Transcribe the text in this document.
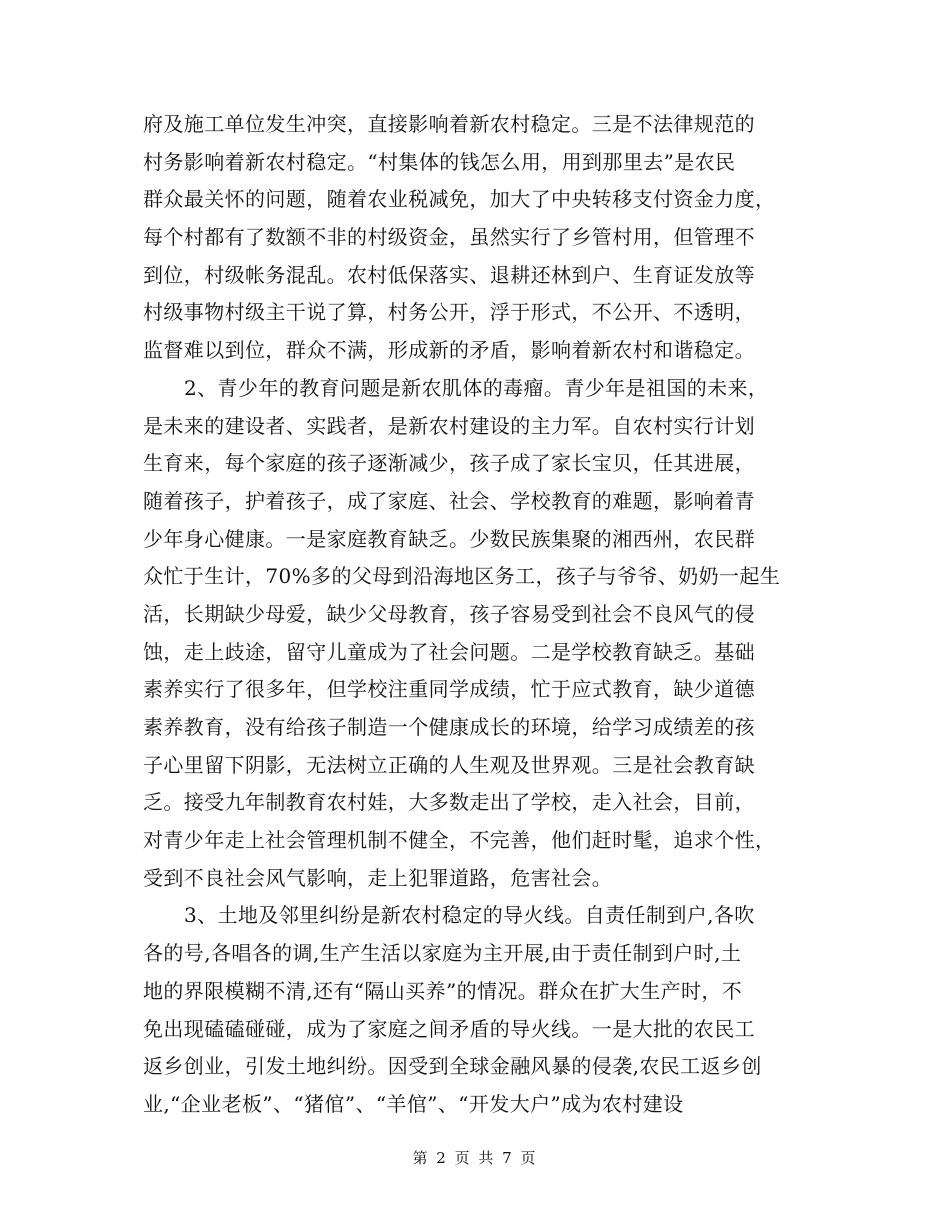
府及施工单位发生冲突，直接影响着新农村稳定。三是不法律规范的
村务影响着新农村稳定。“村集体的钱怎么用，用到那里去”是农民
群众最关怀的问题，随着农业税减免，加大了中央转移支付资金力度，
每个村都有了数额不非的村级资金，虽然实行了乡管村用，但管理不
到位，村级帐务混乱。农村低保落实、退耕还林到户、生育证发放等
村级事物村级主干说了算，村务公开，浮于形式，不公开、不透明，
监督难以到位，群众不满，形成新的矛盾，影响着新农村和谐稳定。
2、青少年的教育问题是新农肌体的毒瘤。青少年是祖国的未来，
是未来的建设者、实践者，是新农村建设的主力军。自农村实行计划
生育来，每个家庭的孩子逐渐减少，孩子成了家长宝贝，任其进展，
随着孩子，护着孩子，成了家庭、社会、学校教育的难题，影响着青
少年身心健康。一是家庭教育缺乏。少数民族集聚的湘西州，农民群
众忙于生计，70%多的父母到沿海地区务工，孩子与爷爷、奶奶一起生
活，长期缺少母爱，缺少父母教育，孩子容易受到社会不良风气的侵
蚀，走上歧途，留守儿童成为了社会问题。二是学校教育缺乏。基础
素养实行了很多年，但学校注重同学成绩，忙于应式教育，缺少道德
素养教育，没有给孩子制造一个健康成长的环境，给学习成绩差的孩
子心里留下阴影，无法树立正确的人生观及世界观。三是社会教育缺
乏。接受九年制教育农村娃，大多数走出了学校，走入社会，目前，
对青少年走上社会管理机制不健全，不完善，他们赶时髦，追求个性，
受到不良社会风气影响，走上犯罪道路，危害社会。
3、土地及邻里纠纷是新农村稳定的导火线。自责任制到户,各吹
各的号,各唱各的调,生产生活以家庭为主开展,由于责任制到户时,土
地的界限模糊不清,还有“隔山买养”的情况。群众在扩大生产时，不
免出现磕磕碰碰，成为了家庭之间矛盾的导火线。一是大批的农民工
返乡创业，引发土地纠纷。因受到全球金融风暴的侵袭,农民工返乡创
业,“企业老板”、“猪倌”、“羊倌”、“开发大户”成为农村建设
第 2 页 共 7 页
